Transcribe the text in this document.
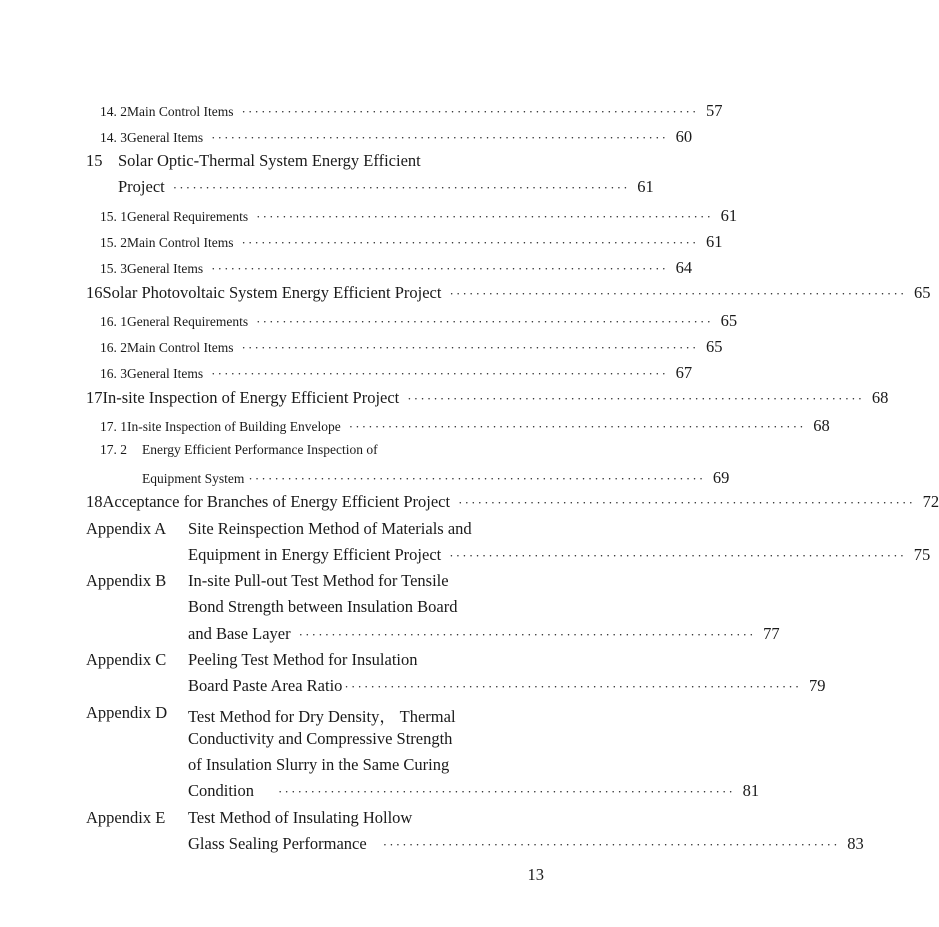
14. 2 Main Control Items ······································································ 57
14. 3 General Items ······································································ 60
15 Solar Optic-Thermal System Energy Efficient
Project ······································································ 61
15. 1 General Requirements ······································································ 61
15. 2 Main Control Items ······································································ 61
15. 3 General Items ······································································ 64
16 Solar Photovoltaic System Energy Efficient Project ······································································ 65
16. 1 General Requirements ······································································ 65
16. 2 Main Control Items ······································································ 65
16. 3 General Items ······································································ 67
17 In-site Inspection of Energy Efficient Project ······································································ 68
17. 1 In-site Inspection of Building Envelope ······································································ 68
17. 2	Energy Efficient Performance Inspection of
Equipment System ······································································ 69
18 Acceptance for Branches of Energy Efficient Project ······································································ 72
Appendix A Site Reinspection Method of Materials and
Equipment in Energy Efficient Project ······································································ 75
Appendix B In-site Pull-out Test Method for Tensile
Bond Strength between Insulation Board
and Base Layer ······································································ 77
Appendix C Peeling Test Method for Insulation
Board Paste Area Ratio ······································································ 79
Appendix D Test Method for Dry Density， Thermal
Conductivity and Compressive Strength
of Insulation Slurry in the Same Curing
Condition ······································································ 81
Appendix E Test Method of Insulating Hollow
Glass Sealing Performance ······································································ 83
13
